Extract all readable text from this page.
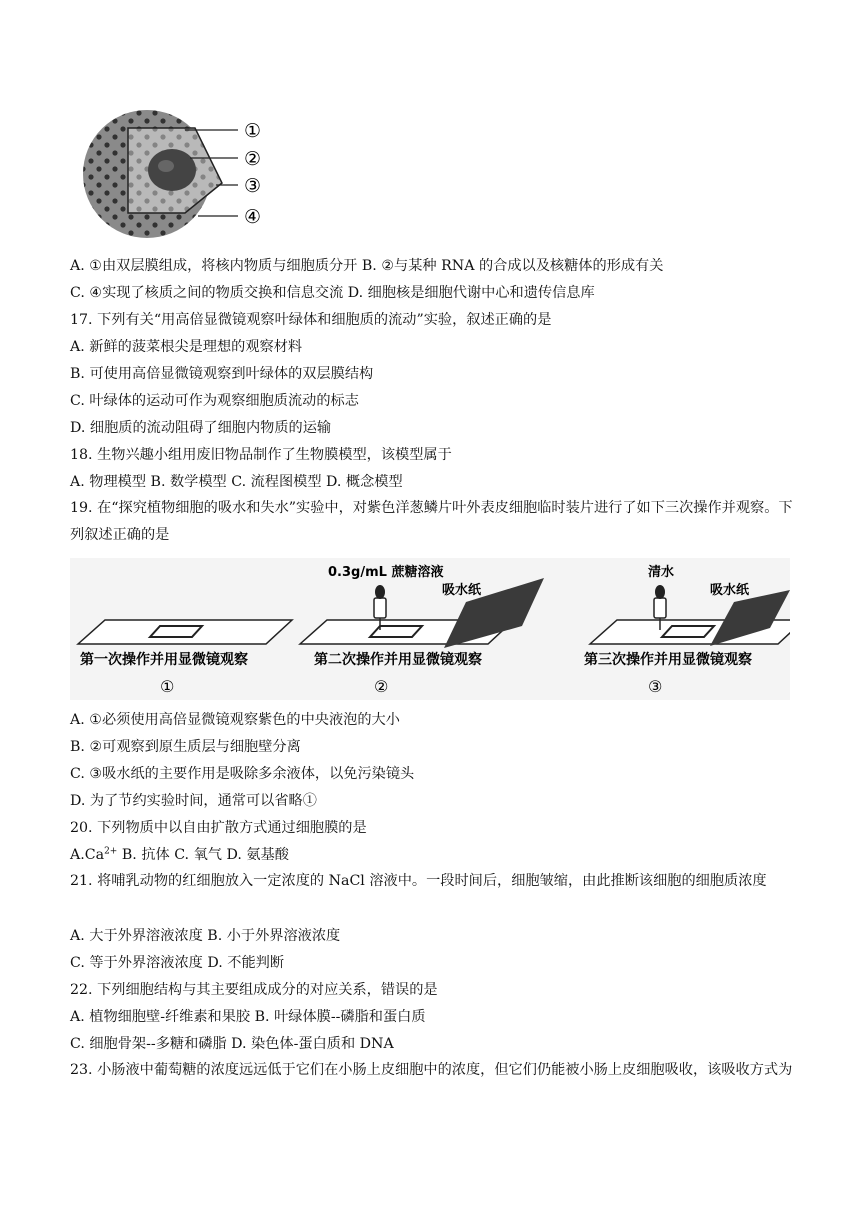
①
②
③
④
A. ①由双层膜组成，将核内物质与细胞质分开 B. ②与某种 RNA 的合成以及核糖体的形成有关
C. ④实现了核质之间的物质交换和信息交流 D. 细胞核是细胞代谢中心和遗传信息库
17. 下列有关“用高倍显微镜观察叶绿体和细胞质的流动”实验，叙述正确的是
A. 新鲜的菠菜根尖是理想的观察材料
B. 可使用高倍显微镜观察到叶绿体的双层膜结构
C. 叶绿体的运动可作为观察细胞质流动的标志
D. 细胞质的流动阻碍了细胞内物质的运输
18. 生物兴趣小组用废旧物品制作了生物膜模型，该模型属于
A. 物理模型 B. 数学模型 C. 流程图模型 D. 概念模型
19. 在“探究植物细胞的吸水和失水”实验中，对紫色洋葱鳞片叶外表皮细胞临时装片进行了如下三次操作并观察。下列叙述正确的是
0.3g/mL 蔗糖溶液
吸水纸
清水
吸水纸
第一次操作并用显微镜观察	第二次操作并用显微镜观察	第三次操作并用显微镜观察
①	②	③
A. ①必须使用高倍显微镜观察紫色的中央液泡的大小
B. ②可观察到原生质层与细胞壁分离
C. ③吸水纸的主要作用是吸除多余液体，以免污染镜头
D. 为了节约实验时间，通常可以省略①
20. 下列物质中以自由扩散方式通过细胞膜的是
$A.Ca^{2+}$ B. 抗体 C. 氧气 D. 氨基酸
21. 将哺乳动物的红细胞放入一定浓度的 NaCl 溶液中。一段时间后，细胞皱缩，由此推断该细胞的细胞质浓度
A. 大于外界溶液浓度 B. 小于外界溶液浓度
C. 等于外界溶液浓度 D. 不能判断
22. 下列细胞结构与其主要组成成分的对应关系，错误的是
A. 植物细胞壁-纤维素和果胶 B. 叶绿体膜--磷脂和蛋白质
C. 细胞骨架--多糖和磷脂 D. 染色体-蛋白质和 DNA
23. 小肠液中葡萄糖的浓度远远低于它们在小肠上皮细胞中的浓度，但它们仍能被小肠上皮细胞吸收，该吸收方式为
